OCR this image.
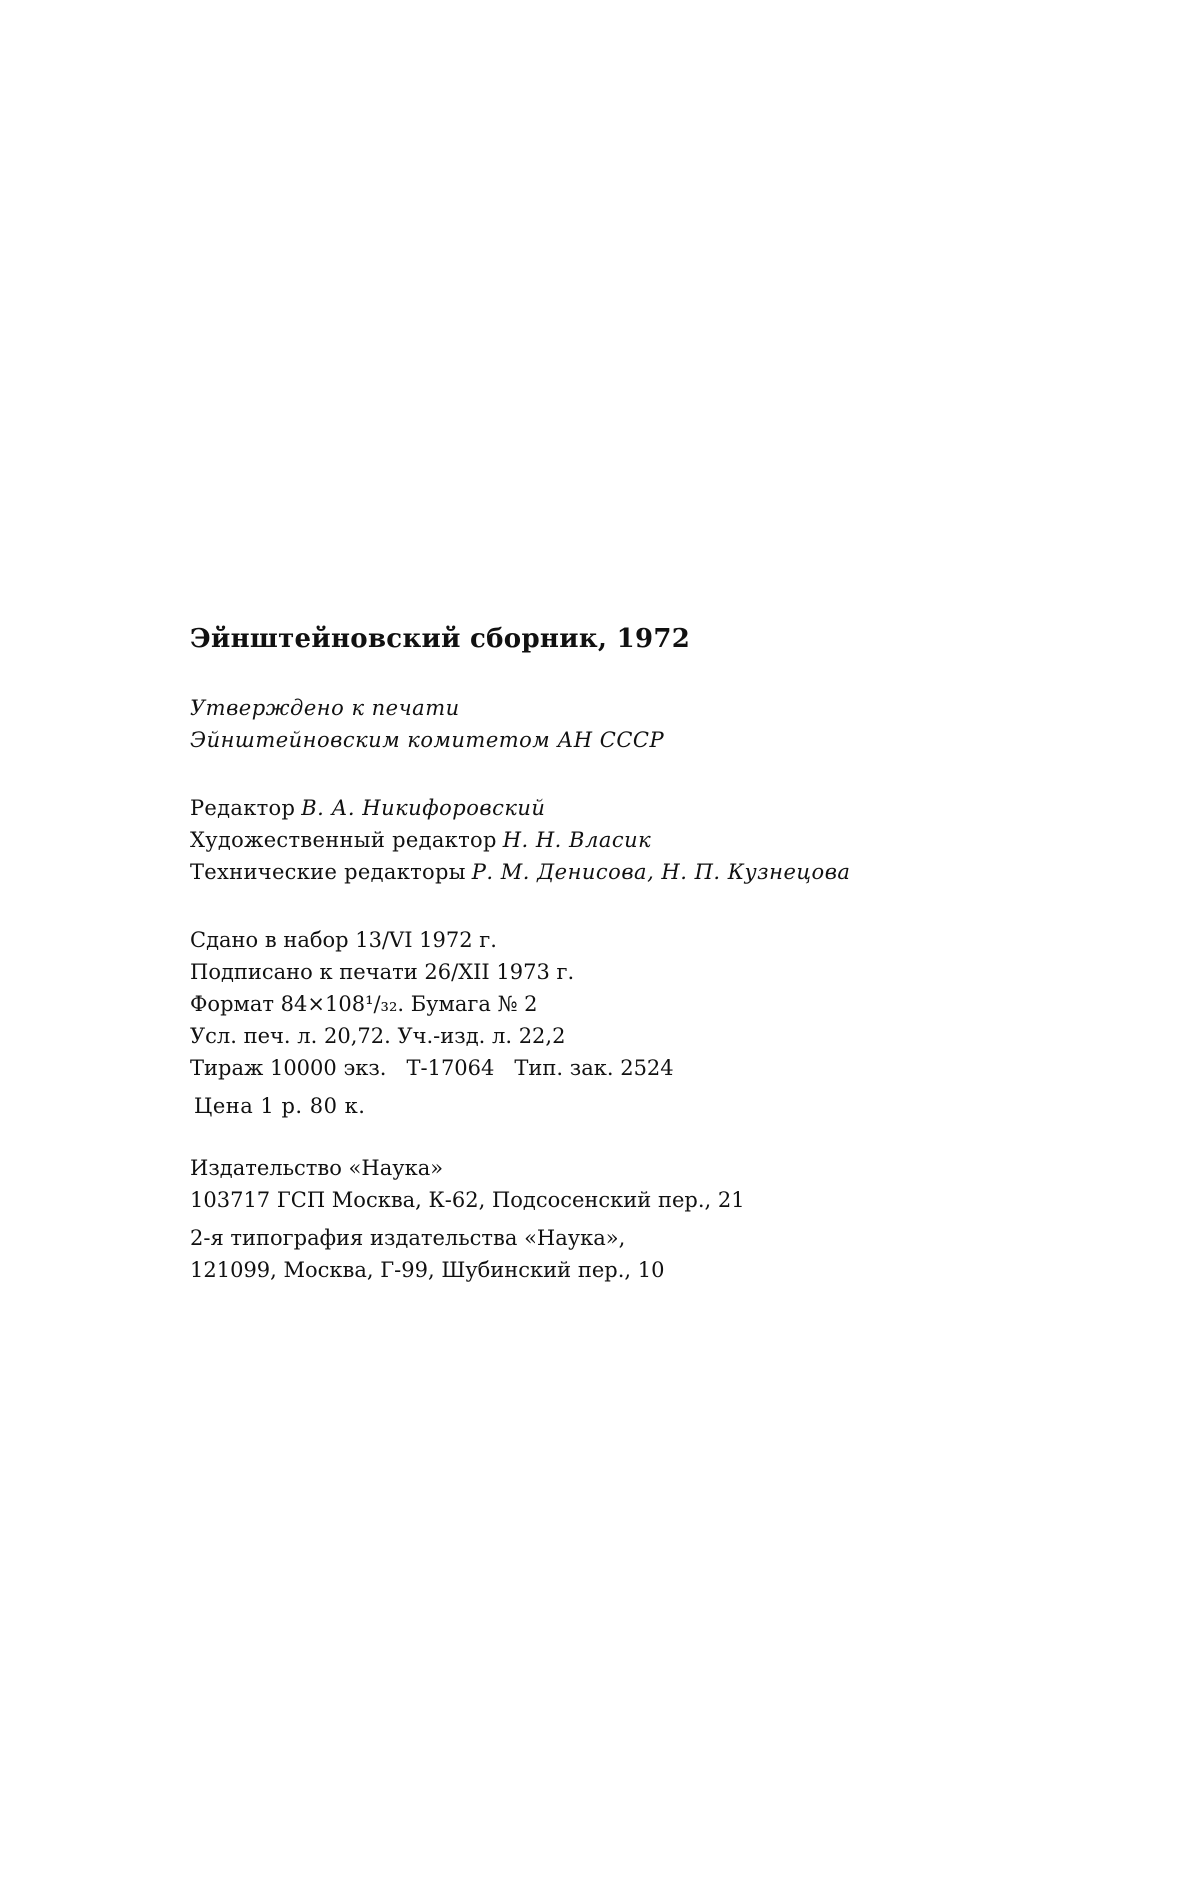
Эйнштейновский сборник, 1972
Утверждено к печати
Эйнштейновским комитетом АН СССР
Редактор В. А. Никифоровский
Художественный редактор Н. Н. Власик
Технические редакторы Р. М. Денисова, Н. П. Кузнецова
Сдано в набор 13/VI 1972 г.
Подписано к печати 26/XII 1973 г.
Формат 84×108¹/₃₂. Бумага № 2
Усл. печ. л. 20,72. Уч.-изд. л. 22,2
Тираж 10000 экз.   Т-17064   Тип. зак. 2524
Цена 1 р. 80 к.
Издательство «Наука»
103717 ГСП Москва, К-62, Подсосенский пер., 21
2-я типография издательства «Наука»,
121099, Москва, Г-99, Шубинский пер., 10
